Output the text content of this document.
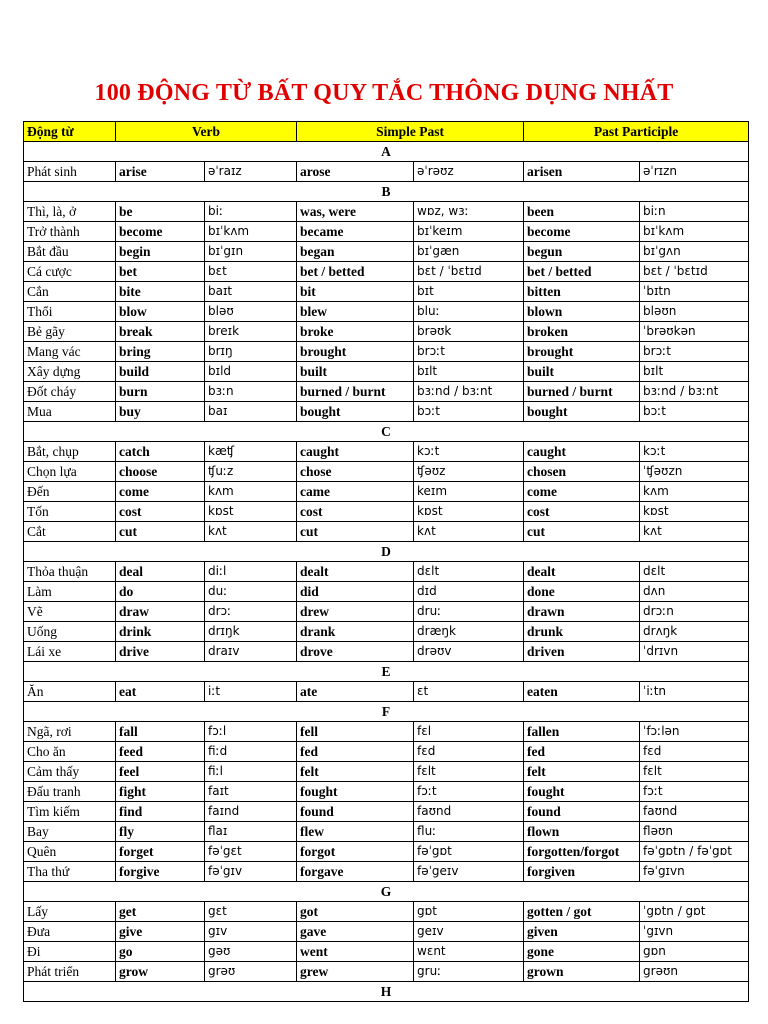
100 ĐỘNG TỪ BẤT QUY TẮC THÔNG DỤNG NHẤT
Động từ	Verb		Simple Past		Past Participle	
A						
Phát sinh	arise	əˈraɪz	arose	əˈrəʊz	arisen	əˈrɪzn
B						
Thì, là, ở	be	biː	was, were	wɒz, wɜː	been	biːn
Trở thành	become	bɪˈkʌm	became	bɪˈkeɪm	become	bɪˈkʌm
Bắt đầu	begin	bɪˈgɪn	began	bɪˈgæn	begun	bɪˈgʌn
Cá cược	bet	bɛt	bet / betted	bɛt / ˈbɛtɪd	bet / betted	bɛt / ˈbɛtɪd
Cắn	bite	baɪt	bit	bɪt	bitten	ˈbɪtn
Thổi	blow	bləʊ	blew	bluː	blown	bləʊn
Bẻ gãy	break	breɪk	broke	brəʊk	broken	ˈbrəʊkən
Mang vác	bring	brɪŋ	brought	brɔːt	brought	brɔːt
Xây dựng	build	bɪld	built	bɪlt	built	bɪlt
Đốt cháy	burn	bɜːn	burned / burnt	bɜːnd / bɜːnt	burned / burnt	bɜːnd / bɜːnt
Mua	buy	baɪ	bought	bɔːt	bought	bɔːt
C						
Bắt, chụp	catch	kæʧ	caught	kɔːt	caught	kɔːt
Chọn lựa	choose	ʧuːz	chose	ʧəʊz	chosen	ˈʧəʊzn
Đến	come	kʌm	came	keɪm	come	kʌm
Tốn	cost	kɒst	cost	kɒst	cost	kɒst
Cắt	cut	kʌt	cut	kʌt	cut	kʌt
D						
Thỏa thuận	deal	diːl	dealt	dɛlt	dealt	dɛlt
Làm	do	duː	did	dɪd	done	dʌn
Vẽ	draw	drɔː	drew	druː	drawn	drɔːn
Uống	drink	drɪŋk	drank	dræŋk	drunk	drʌŋk
Lái xe	drive	draɪv	drove	drəʊv	driven	ˈdrɪvn
E						
Ăn	eat	iːt	ate	ɛt	eaten	ˈiːtn
F						
Ngã, rơi	fall	fɔːl	fell	fɛl	fallen	ˈfɔːlən
Cho ăn	feed	fiːd	fed	fɛd	fed	fɛd
Cảm thấy	feel	fiːl	felt	fɛlt	felt	fɛlt
Đấu tranh	fight	faɪt	fought	fɔːt	fought	fɔːt
Tìm kiếm	find	faɪnd	found	faʊnd	found	faʊnd
Bay	fly	flaɪ	flew	fluː	flown	fləʊn
Quên	forget	fəˈgɛt	forgot	fəˈgɒt	forgotten/forgot	fəˈgɒtn / fəˈgɒt
Tha thứ	forgive	fəˈgɪv	forgave	fəˈgeɪv	forgiven	fəˈgɪvn
G						
Lấy	get	gɛt	got	gɒt	gotten / got	ˈgɒtn / gɒt
Đưa	give	gɪv	gave	geɪv	given	ˈgɪvn
Đi	go	gəʊ	went	wɛnt	gone	gɒn
Phát triển	grow	grəʊ	grew	gruː	grown	grəʊn
H						
